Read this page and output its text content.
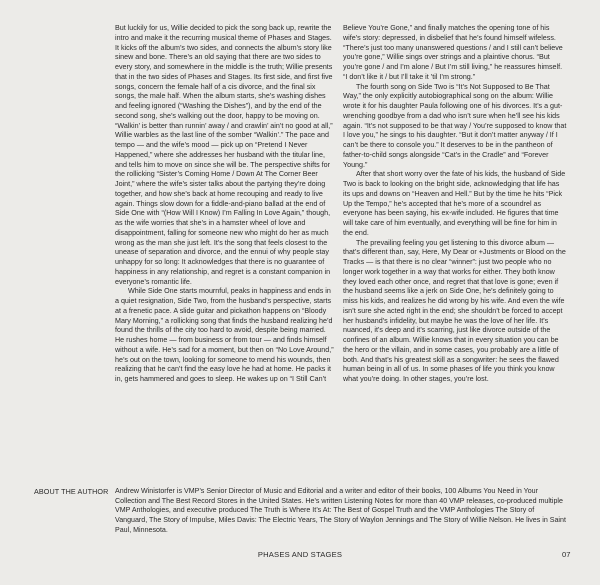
But luckily for us, Willie decided to pick the song back up, rewrite the intro and make it the recurring musical theme of Phases and Stages. It kicks off the album’s two sides, and connects the album’s story like sinew and bone. There’s an old saying that there are two sides to every story, and somewhere in the middle is the truth; Willie presents that in the two sides of Phases and Stages. Its first side, and first five songs, concern the female half of a cis divorce, and the final six songs, the male half. When the album starts, she’s washing dishes and feeling ignored (“Washing the Dishes”), and by the end of the second song, she’s walking out the door, happy to be moving on. “Walkin’ is better than runnin’ away / and crawlin’ ain’t no good at all,” Willie warbles as the last line of the somber “Walkin’.” The pace and tempo — and the wife’s mood — pick up on “Pretend I Never Happened,” where she addresses her husband with the titular line, and tells him to move on since she will be. The perspective shifts for the rollicking “Sister’s Coming Home / Down At The Corner Beer Joint,” where the wife’s sister talks about the partying they’re doing together, and how she’s back at home recouping and ready to live again. Things slow down for a fiddle-and-piano ballad at the end of Side One with “(How Will I Know) I’m Falling In Love Again,” though, as the wife worries that she’s in a hamster wheel of love and disappointment, falling for someone new who might do her as much wrong as the man she just left. It’s the song that feels closest to the unease of separation and divorce, and the ennui of why people stay unhappy for so long: It acknowledges that there is no guarantee of happiness in any relationship, and regret is a constant companion in everyone’s romantic life.

While Side One starts mournful, peaks in happiness and ends in a quiet resignation, Side Two, from the husband’s perspective, starts at a frenetic pace. A slide guitar and pickathon happens on “Bloody Mary Morning,” a rollicking song that finds the husband realizing he’d found the thrills of the city too hard to avoid, despite being married. He rushes home — from business or from tour — and finds himself without a wife. He’s sad for a moment, but then on “No Love Around,” he’s out on the town, looking for someone to mend his wounds, then realizing that he can’t find the easy love he had at home. He packs it in, gets hammered and goes to sleep. He wakes up on “I Still Can’t

Believe You’re Gone,” and finally matches the opening tone of his wife’s story: depressed, in disbelief that he’s found himself wifeless. “There’s just too many unanswered questions / and I still can’t believe you’re gone,” Willie sings over strings and a plaintive chorus. “But you’re gone / and I’m alone / But I’m still living,” he reassures himself. “I don’t like it / but I’ll take it ’til I’m strong.”

The fourth song on Side Two is “It’s Not Supposed to Be That Way,” the only explicitly autobiographical song on the album: Willie wrote it for his daughter Paula following one of his divorces. It’s a gut-wrenching goodbye from a dad who isn’t sure when he’ll see his kids again. “It’s not supposed to be that way / You’re supposed to know that I love you,” he sings to his daughter. “But it don’t matter anyway / If I can’t be there to console you.” It deserves to be in the pantheon of father-to-child songs alongside “Cat’s in the Cradle” and “Forever Young.”

After that short worry over the fate of his kids, the husband of Side Two is back to looking on the bright side, acknowledging that life has its ups and downs on “Heaven and Hell.” But by the time he hits “Pick Up the Tempo,” he’s accepted that he’s more of a scoundrel as everyone has been saying, his ex-wife included. He figures that time will take care of him eventually, and everything will be fine for him in the end.

The prevailing feeling you get listening to this divorce album — that’s different than, say, Here, My Dear or +Justments or Blood on the Tracks — is that there is no clear “winner”: just two people who no longer work together in a way that works for either. They both know they loved each other once, and regret that that love is gone; even if the husband seems like a jerk on Side One, he’s definitely going to miss his kids, and realizes he did wrong by his wife. And even the wife isn’t sure she acted right in the end; she shouldn’t be forced to accept her husband’s infidelity, but maybe he was the love of her life. It’s nuanced, it’s deep and it’s scarring, just like divorce outside of the confines of an album. Willie knows that in every situation you can be the hero or the villain, and in some cases, you probably are a little of both. And that’s his greatest skill as a songwriter: he sees the flawed human being in all of us. In some phases of life you think you know what you’re doing. In other stages, you’re lost.

ABOUT THE AUTHOR Andrew Winistorfer is VMP’s Senior Director of Music and Editorial and a writer and editor of their books, 100 Albums You Need in Your Collection and The Best Record Stores in the United States. He’s written Listening Notes for more than 40 VMP releases, co-produced multiple VMP Anthologies, and executive produced The Truth is Where It’s At: The Best of Gospel Truth and the VMP Anthologies The Story of Vanguard, The Story of Impulse, Miles Davis: The Electric Years, The Story of Waylon Jennings and The Story of Willie Nelson. He lives in Saint Paul, Minnesota.
PHASES AND STAGES	07
